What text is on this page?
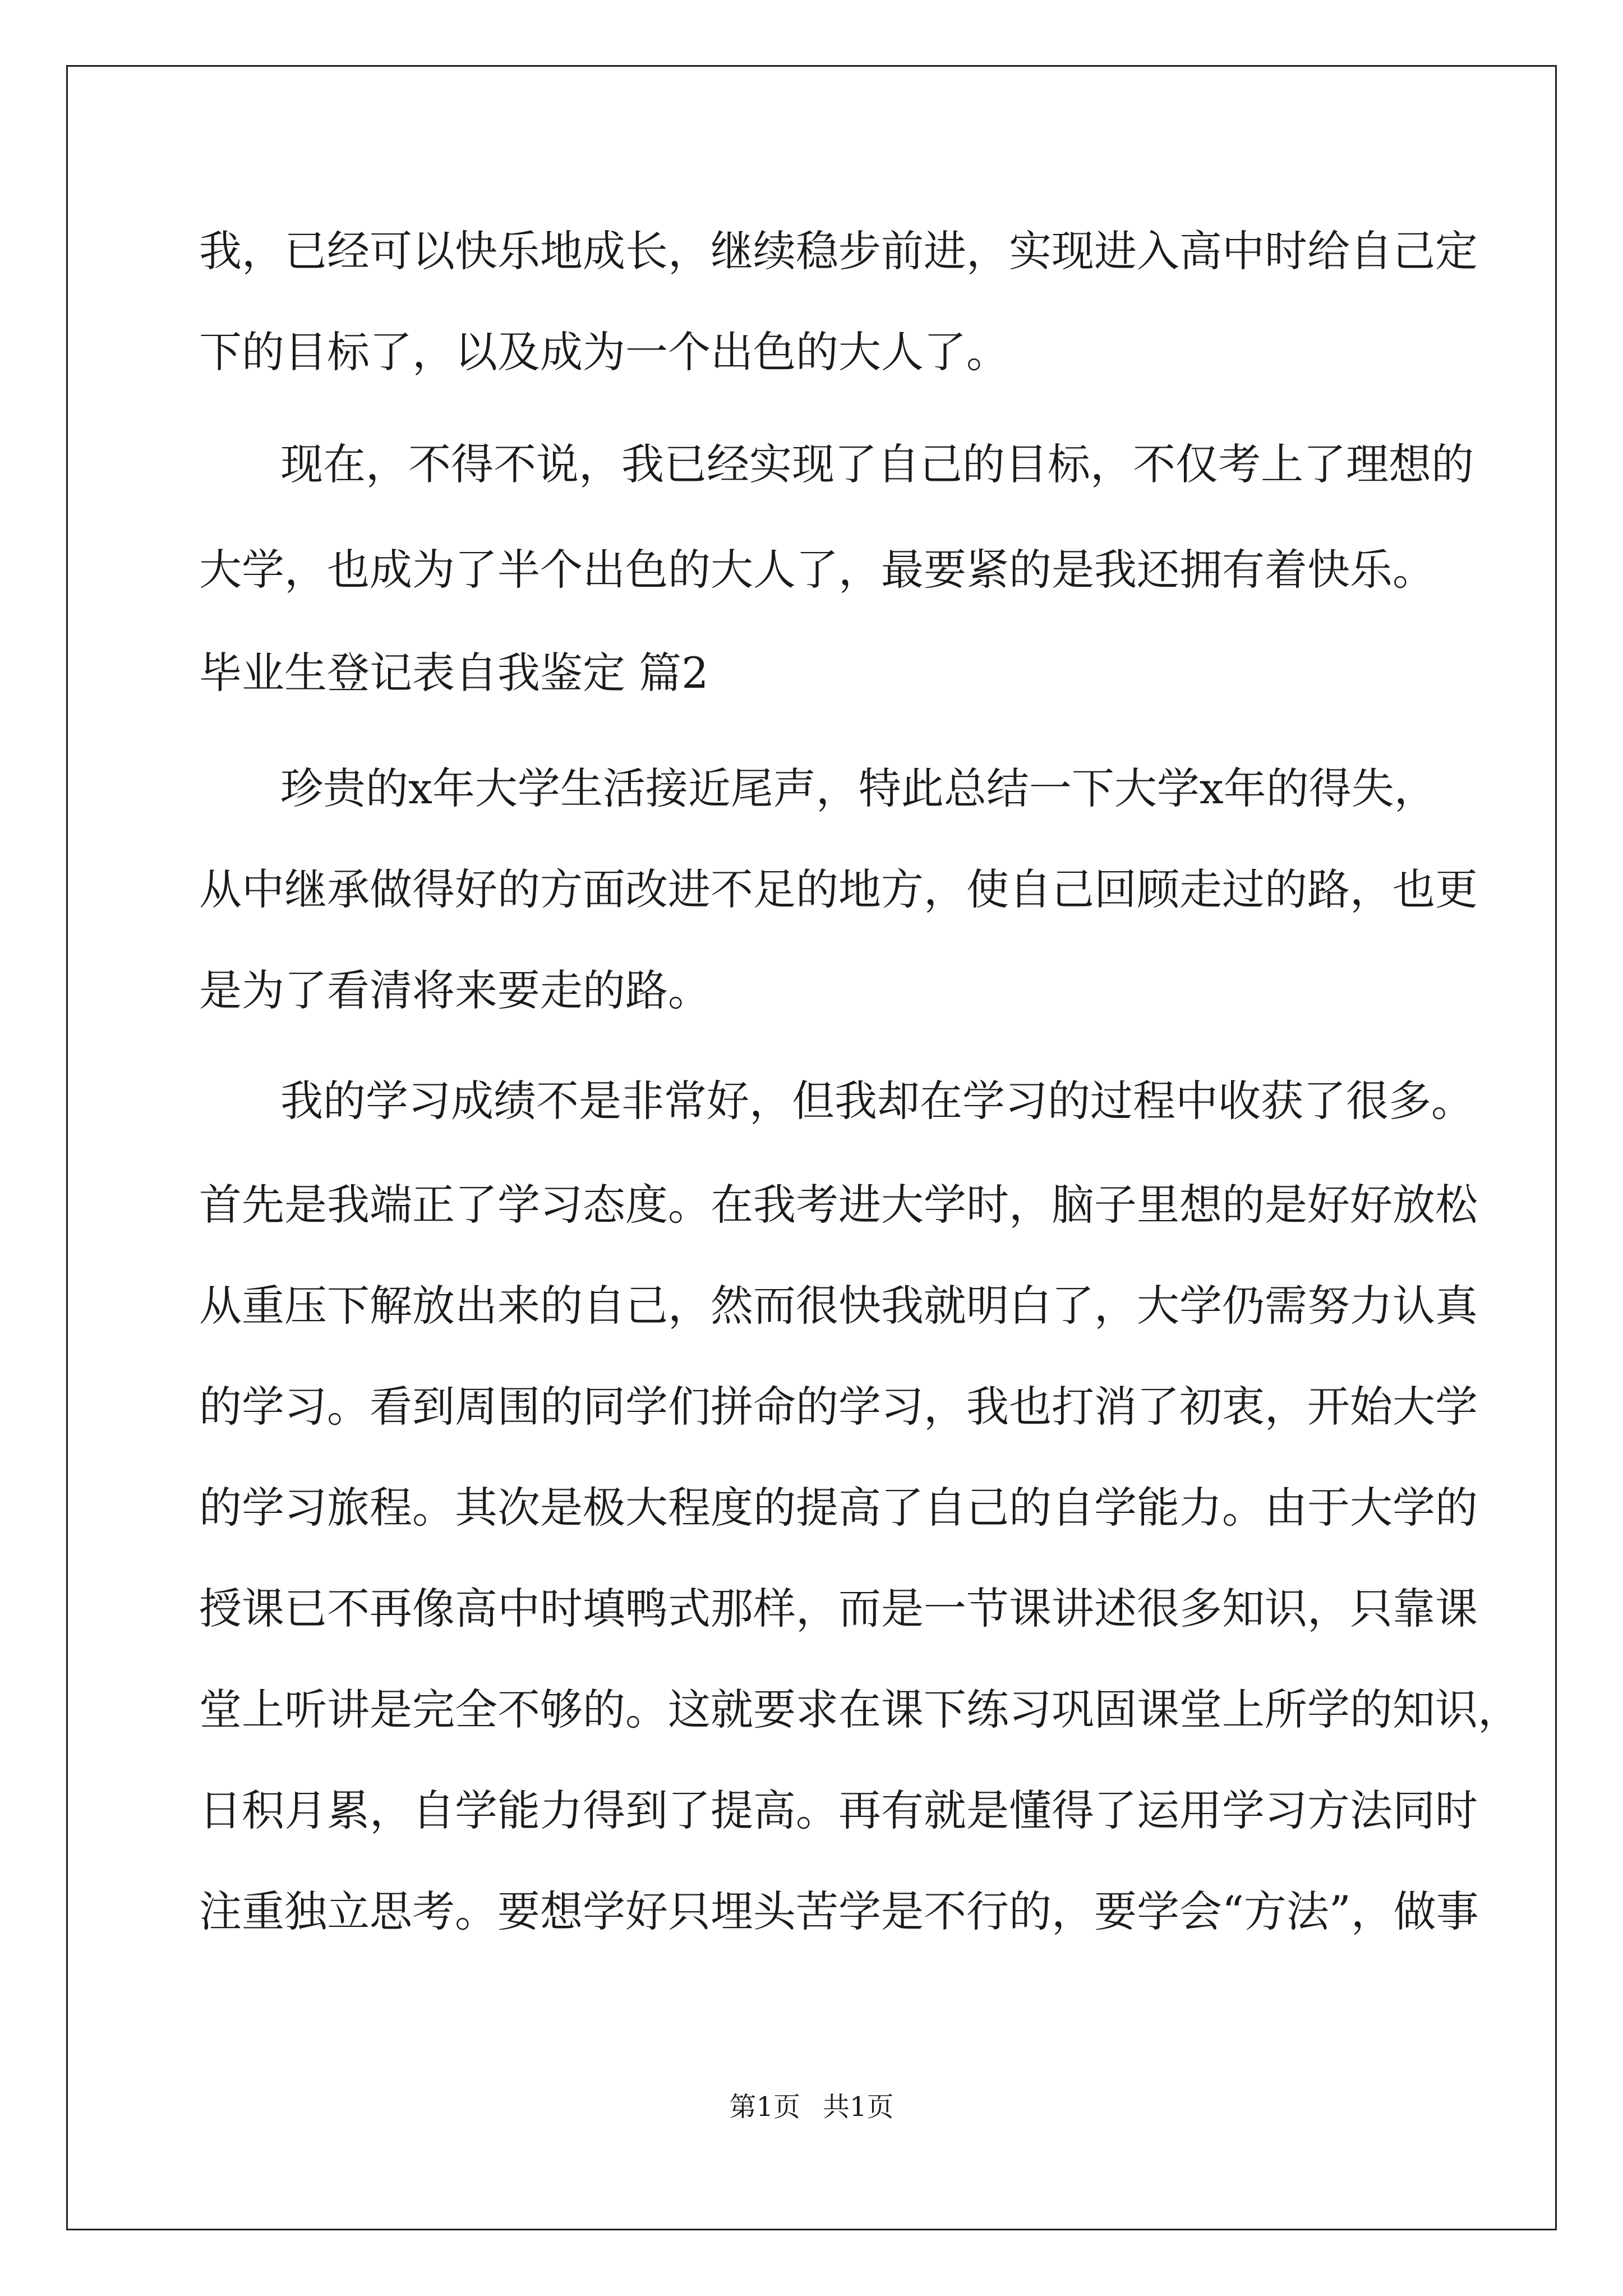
我，已经可以快乐地成长，继续稳步前进，实现进入高中时给自己定
下的目标了，以及成为一个出色的大人了。
现在，不得不说，我已经实现了自己的目标，不仅考上了理想的
大学，也成为了半个出色的大人了，最要紧的是我还拥有着快乐。
毕业生登记表自我鉴定 篇2
珍贵的x年大学生活接近尾声，特此总结一下大学x年的得失，
从中继承做得好的方面改进不足的地方，使自己回顾走过的路，也更
是为了看清将来要走的路。
我的学习成绩不是非常好，但我却在学习的过程中收获了很多。
首先是我端正了学习态度。在我考进大学时，脑子里想的是好好放松
从重压下解放出来的自己，然而很快我就明白了，大学仍需努力认真
的学习。看到周围的同学们拼命的学习，我也打消了初衷，开始大学
的学习旅程。其次是极大程度的提高了自己的自学能力。由于大学的
授课已不再像高中时填鸭式那样，而是一节课讲述很多知识，只靠课
堂上听讲是完全不够的。这就要求在课下练习巩固课堂上所学的知识，
日积月累，自学能力得到了提高。再有就是懂得了运用学习方法同时
注重独立思考。要想学好只埋头苦学是不行的，要学会“方法”，做事
第1页 共1页
